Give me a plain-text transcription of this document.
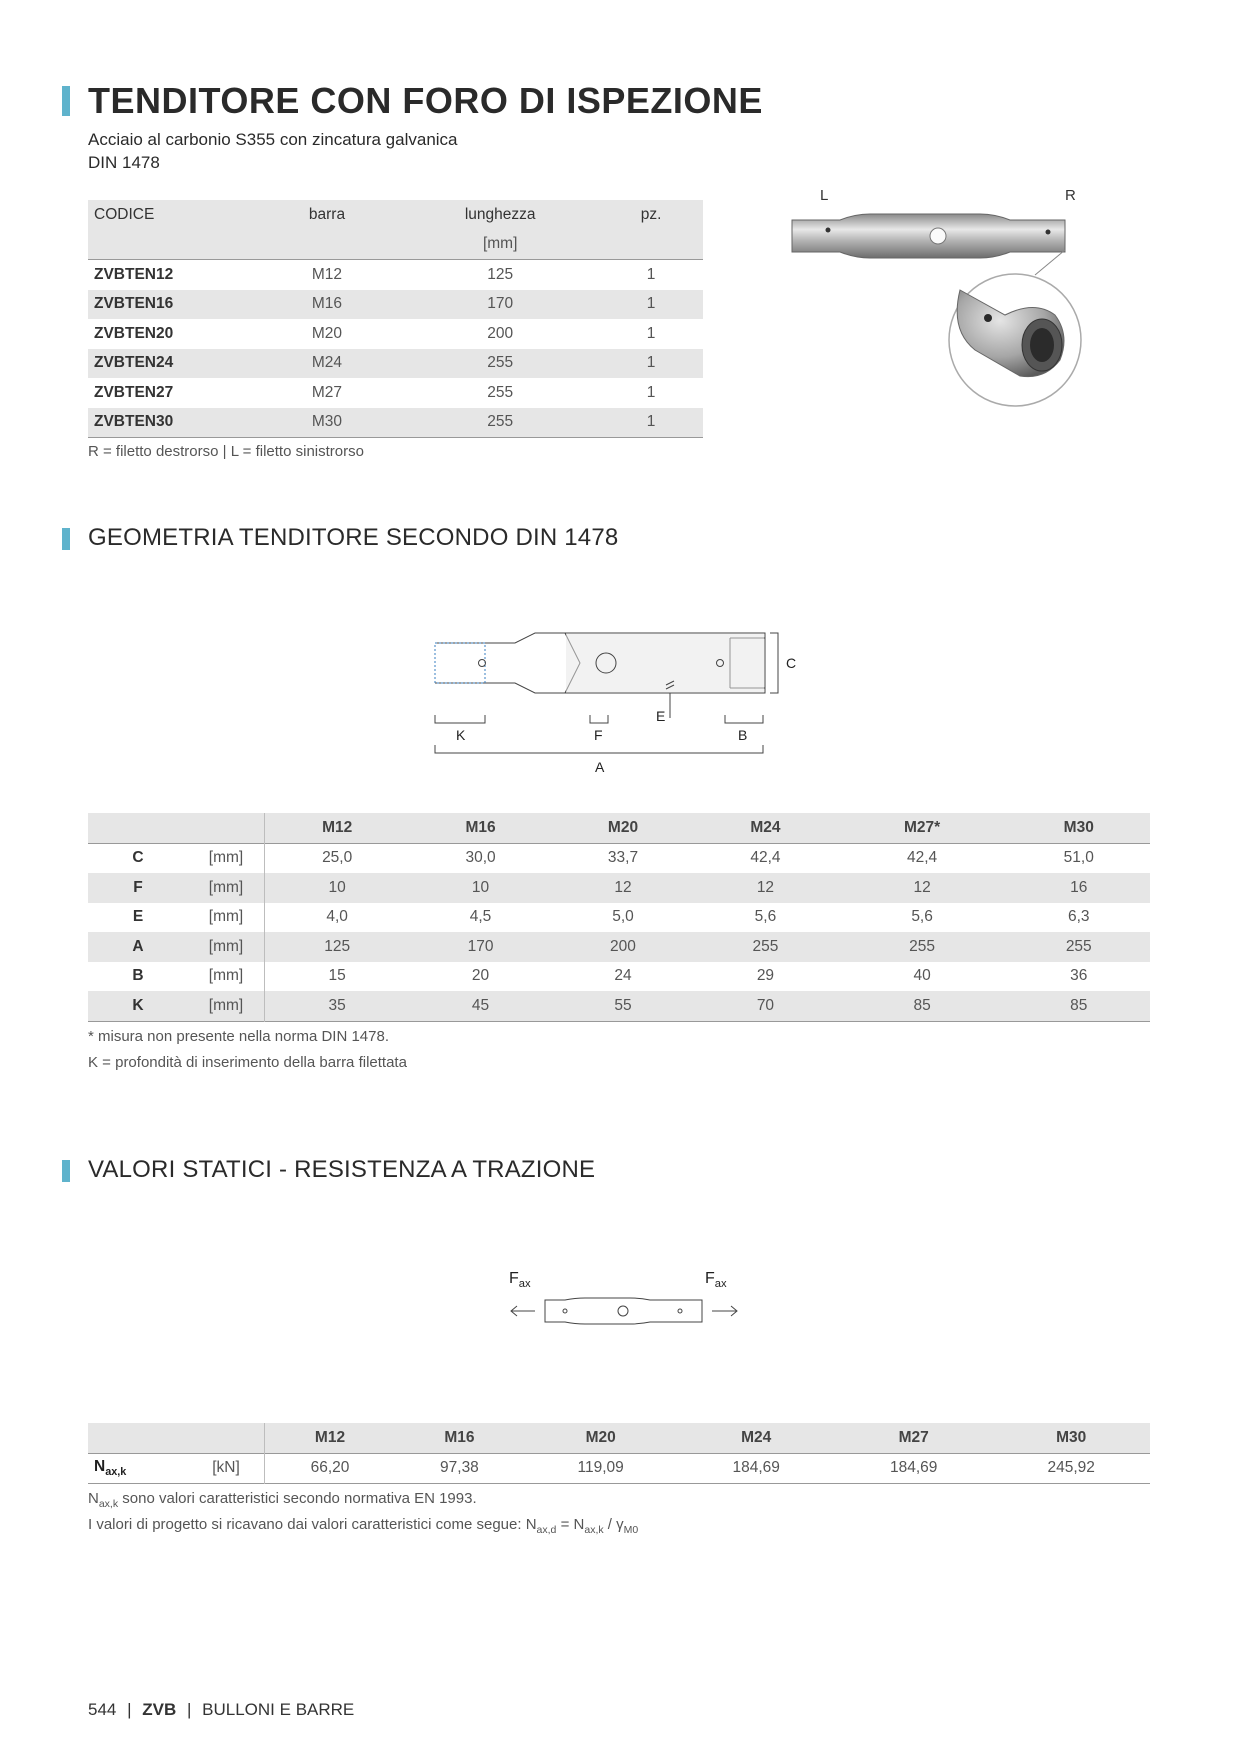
TENDITORE CON FORO DI ISPEZIONE
Acciaio al carbonio S355 con zincatura galvanica
DIN 1478
CODICE	barra	lunghezza	pz.
		[mm]	
ZVBTEN12	M12	125	1
ZVBTEN16	M16	170	1
ZVBTEN20	M20	200	1
ZVBTEN24	M24	255	1
ZVBTEN27	M27	255	1
ZVBTEN30	M30	255	1
R = filetto destrorso | L = filetto sinistrorso
L	R
GEOMETRIA TENDITORE SECONDO DIN 1478
C
E
K	F	B
A
		M12	M16	M20	M24	M27*	M30
C	[mm]	25,0	30,0	33,7	42,4	42,4	51,0
F	[mm]	10	10	12	12	12	16
E	[mm]	4,0	4,5	5,0	5,6	5,6	6,3
A	[mm]	125	170	200	255	255	255
B	[mm]	15	20	24	29	40	36
K	[mm]	35	45	55	70	85	85
* misura non presente nella norma DIN 1478.
K = profondità di inserimento della barra filettata
VALORI STATICI - RESISTENZA A TRAZIONE
$F_{ax}$	$F_{ax}$
		M12	M16	M20	M24	M27	M30
$N_{ax,k}$	[kN]	66,20	97,38	119,09	184,69	184,69	245,92
$N_{ax,k}$ sono valori caratteristici secondo normativa EN 1993.
I valori di progetto si ricavano dai valori caratteristici come segue: $N_{ax,d} = N_{ax,k} / \gamma_{M0}$
544 | ZVB | BULLONI E BARRE
